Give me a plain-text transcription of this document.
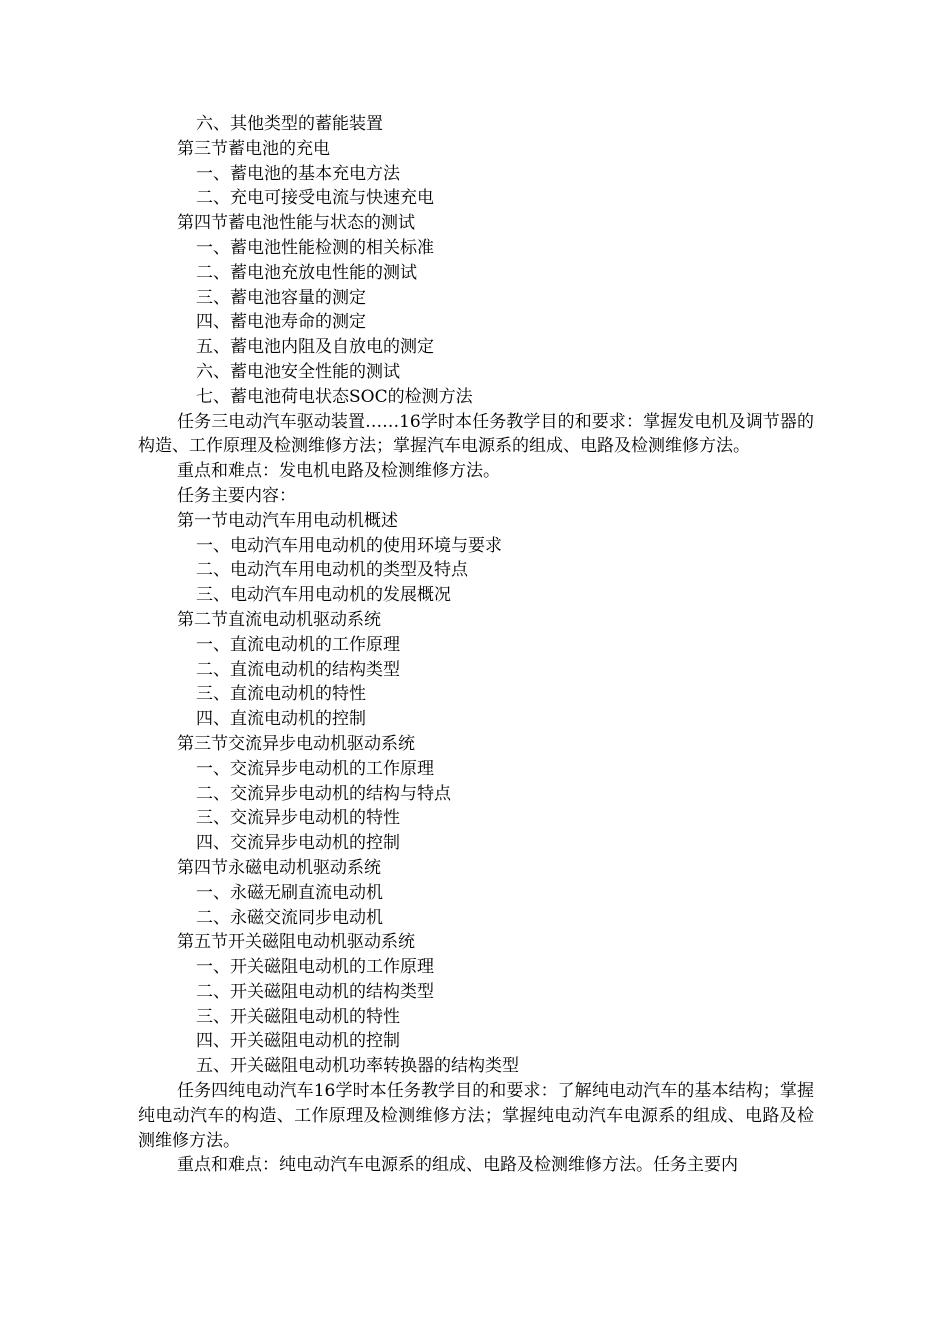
六、其他类型的蓄能装置
第三节蓄电池的充电
一、蓄电池的基本充电方法
二、充电可接受电流与快速充电
第四节蓄电池性能与状态的测试
一、蓄电池性能检测的相关标准
二、蓄电池充放电性能的测试
三、蓄电池容量的测定
四、蓄电池寿命的测定
五、蓄电池内阻及自放电的测定
六、蓄电池安全性能的测试
七、蓄电池荷电状态SOC的检测方法

任务三电动汽车驱动装置……16学时本任务教学目的和要求：掌握发电机及调节器的构造、工作原理及检测维修方法；掌握汽车电源系的组成、电路及检测维修方法。

重点和难点：发电机电路及检测维修方法。

任务主要内容：

第一节电动汽车用电动机概述
一、电动汽车用电动机的使用环境与要求
二、电动汽车用电动机的类型及特点
三、电动汽车用电动机的发展概况
第二节直流电动机驱动系统
一、直流电动机的工作原理
二、直流电动机的结构类型
三、直流电动机的特性
四、直流电动机的控制
第三节交流异步电动机驱动系统
一、交流异步电动机的工作原理
二、交流异步电动机的结构与特点
三、交流异步电动机的特性
四、交流异步电动机的控制
第四节永磁电动机驱动系统
一、永磁无刷直流电动机
二、永磁交流同步电动机
第五节开关磁阻电动机驱动系统
一、开关磁阻电动机的工作原理
二、开关磁阻电动机的结构类型
三、开关磁阻电动机的特性
四、开关磁阻电动机的控制
五、开关磁阻电动机功率转换器的结构类型

任务四纯电动汽车16学时本任务教学目的和要求：了解纯电动汽车的基本结构；掌握纯电动汽车的构造、工作原理及检测维修方法；掌握纯电动汽车电源系的组成、电路及检测维修方法。

重点和难点：纯电动汽车电源系的组成、电路及检测维修方法。任务主要内
